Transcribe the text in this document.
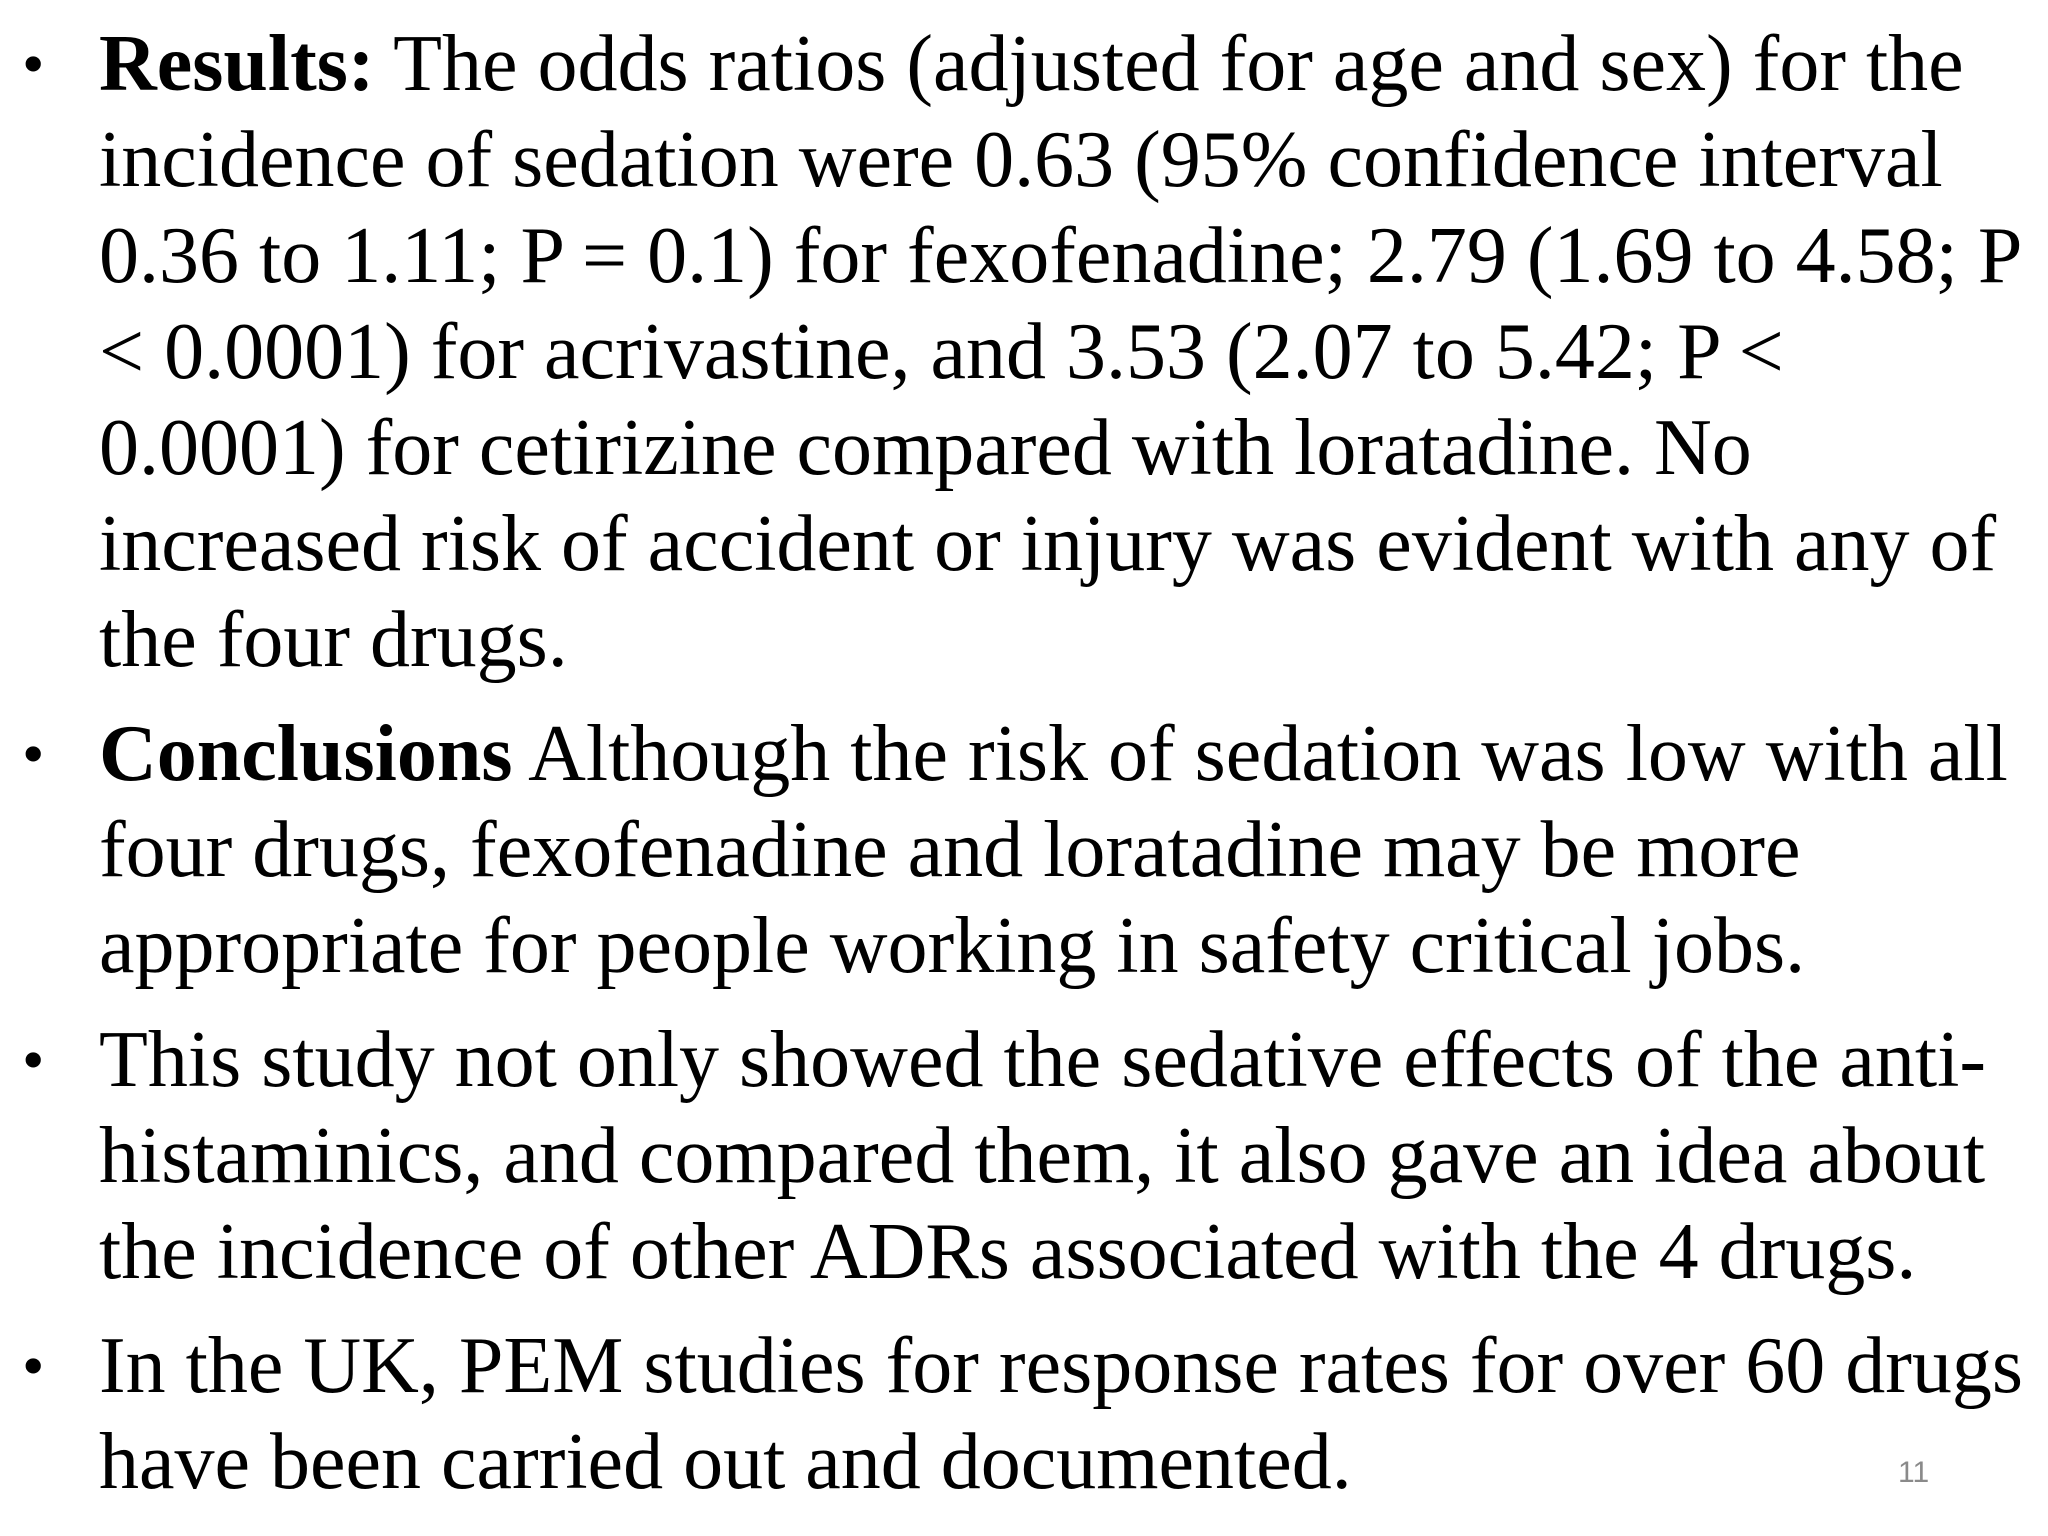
• Results: The odds ratios (adjusted for age and sex) for the incidence of sedation were 0.63 (95% confidence interval 0.36 to 1.11; P = 0.1) for fexofenadine; 2.79 (1.69 to 4.58; P < 0.0001) for acrivastine, and 3.53 (2.07 to 5.42; P < 0.0001) for cetirizine compared with loratadine. No increased risk of accident or injury was evident with any of the four drugs.
• Conclusions Although the risk of sedation was low with all four drugs, fexofenadine and loratadine may be more appropriate for people working in safety critical jobs.
• This study not only showed the sedative effects of the anti-histaminics, and compared them, it also gave an idea about the incidence of other ADRs associated with the 4 drugs.
• In the UK, PEM studies for response rates for over 60 drugs have been carried out and documented.	11
